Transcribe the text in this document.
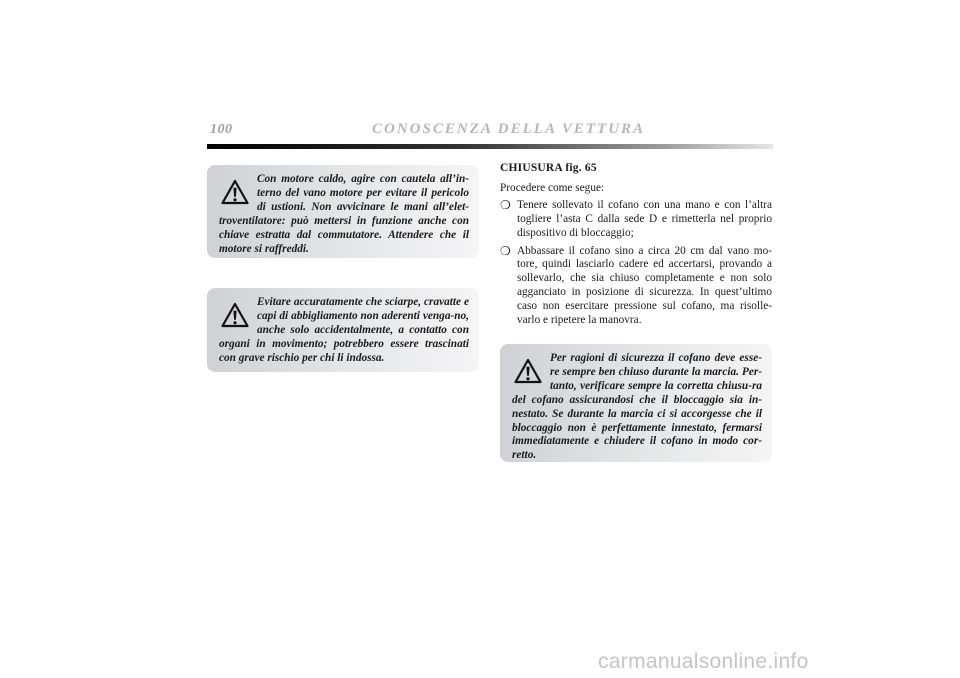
100	CONOSCENZA DELLA VETTURA
Con motore caldo, agire con cautela all’in-terno del vano motore per evitare il pericolo di ustioni. Non avvicinare le mani all’elet-troventilatore: può mettersi in funzione anche con chiave estratta dal commutatore. Attendere che il motore si raffreddi.
Evitare accuratamente che sciarpe, cravatte e capi di abbigliamento non aderenti venga-no, anche solo accidentalmente, a contatto con organi in movimento; potrebbero essere trascinati con grave rischio per chi li indossa.
CHIUSURA fig. 65
Procedere come segue:
❍ Tenere sollevato il cofano con una mano e con l’altra togliere l’asta C dalla sede D e rimetterla nel proprio dispositivo di bloccaggio;
❍ Abbassare il cofano sino a circa 20 cm dal vano mo-tore, quindi lasciarlo cadere ed accertarsi, provando a sollevarlo, che sia chiuso completamente e non solo agganciato in posizione di sicurezza. In quest’ultimo caso non esercitare pressione sul cofano, ma risolle-varlo e ripetere la manovra.
Per ragioni di sicurezza il cofano deve esse-re sempre ben chiuso durante la marcia. Per-tanto, verificare sempre la corretta chiusu-ra del cofano assicurandosi che il bloccaggio sia in-nestato. Se durante la marcia ci si accorgesse che il bloccaggio non è perfettamente innestato, fermarsi immediatamente e chiudere il cofano in modo cor-retto.
carmanualsonline.info
